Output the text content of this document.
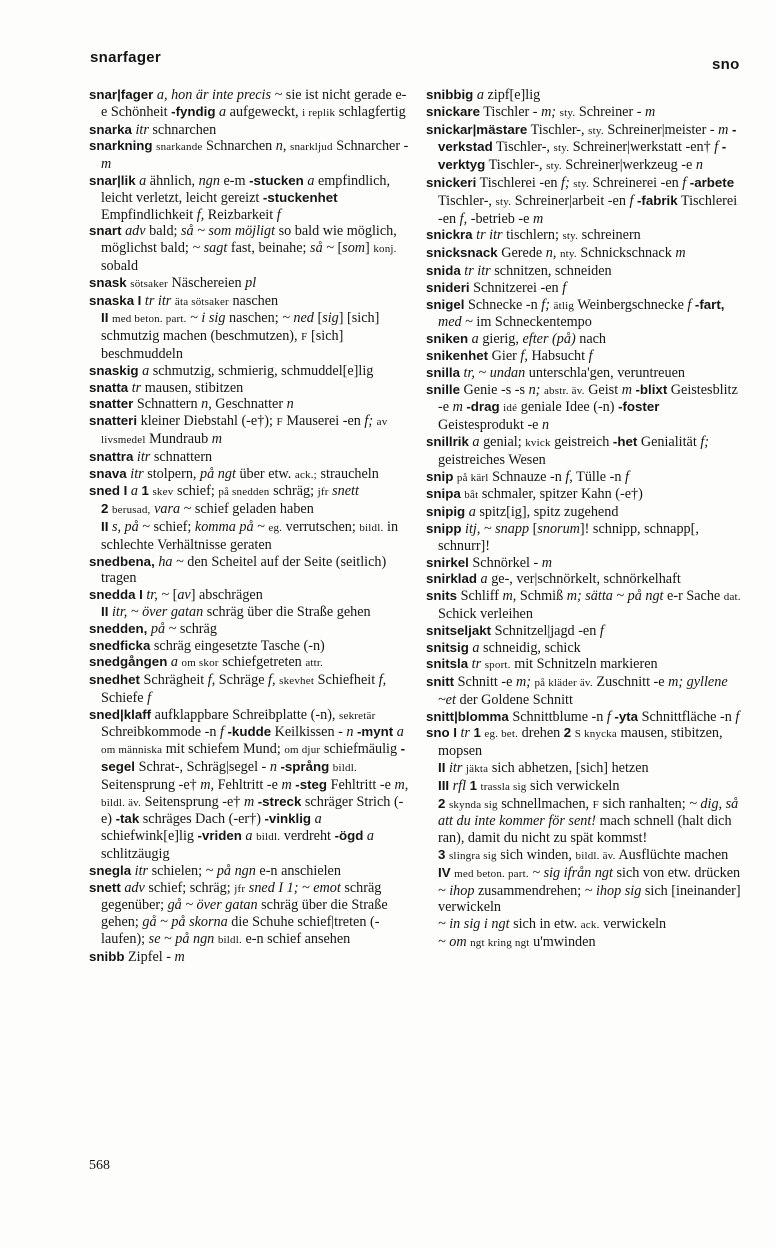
snarfager	sno

snar|fager a, hon är inte precis ~ sie ist nicht gerade e-e Schönheit -fyndig a aufgeweckt, i replik schlagfertig

snarka itr schnarchen

snarkning snarkande Schnarchen n, snarkljud Schnarcher - m

snar|lik a ähnlich, ngn e-m -stucken a empfindlich, leicht verletzt, leicht gereizt -stuckenhet Empfindlichkeit f, Reizbarkeit f

snart adv bald; så ~ som möjligt so bald wie möglich, möglichst bald; ~ sagt fast, beinahe; så ~ [som] konj. sobald

snask sötsaker Näschereien pl

snaska I tr itr äta sötsaker naschen

II med beton. part. ~ i sig naschen; ~ ned [sig] [sich] schmutzig machen (beschmutzen), F [sich] beschmuddeln

snaskig a schmutzig, schmierig, schmuddel[e]lig

snatta tr mausen, stibitzen

snatter Schnattern n, Geschnatter n

snatteri kleiner Diebstahl (-e†); F Mauserei -en f; av livsmedel Mundraub m

snattra itr schnattern

snava itr stolpern, på ngt über etw. ack.; straucheln

sned I a 1 skev schief; på snedden schräg; jfr snett

2 berusad, vara ~ schief geladen haben

II s, på ~ schief; komma på ~ eg. verrutschen; bildl. in schlechte Verhältnisse geraten

snedbena, ha ~ den Scheitel auf der Seite (seitlich) tragen

snedda I tr, ~ [av] abschrägen

II itr, ~ över gatan schräg über die Straße gehen

snedden, på ~ schräg

snedficka schräg eingesetzte Tasche (-n)

snedgången a om skor schiefgetreten attr.

snedhet Schrägheit f, Schräge f, skevhet Schiefheit f, Schiefe f

sned|klaff aufklappbare Schreibplatte (-n), sekretär Schreibkommode -n f -kudde Keilkissen - n -mynt a om människa mit schiefem Mund; om djur schiefmäulig -segel Schrat-, Schräg|segel - n -språng bildl. Seitensprung -e† m, Fehltritt -e m -steg Fehltritt -e m, bildl. äv. Seitensprung -e† m -streck schräger Strich (-e) -tak schräges Dach (-er†) -vinklig a schiefwink[e]lig -vriden a bildl. verdreht -ögd a schlitzäugig

snegla itr schielen; ~ på ngn e-n anschielen

snett adv schief; schräg; jfr sned I 1; ~ emot schräg gegenüber; gå ~ över gatan schräg über die Straße gehen; gå ~ på skorna die Schuhe schief|treten (-laufen); se ~ på ngn bildl. e-n schief ansehen

snibb Zipfel - m

snibbig a zipf[e]lig

snickare Tischler - m; sty. Schreiner - m

snickar|mästare Tischler-, sty. Schreiner|meister - m -verkstad Tischler-, sty. Schreiner|werkstatt -en† f -verktyg Tischler-, sty. Schreiner|werkzeug -e n

snickeri Tischlerei -en f; sty. Schreinerei -en f -arbete Tischler-, sty. Schreiner|arbeit -en f -fabrik Tischlerei -en f, -betrieb -e m

snickra tr itr tischlern; sty. schreinern

snicksnack Gerede n, nty. Schnickschnack m

snida tr itr schnitzen, schneiden

snideri Schnitzerei -en f

snigel Schnecke -n f; ätlig Weinbergschnecke f -fart, med ~ im Schneckentempo

sniken a gierig, efter (på) nach

snikenhet Gier f, Habsucht f

snilla tr, ~ undan unterschla'gen, veruntreuen

snille Genie -s -s n; abstr. äv. Geist m -blixt Geistesblitz -e m -drag idé geniale Idee (-n) -foster Geistesprodukt -e n

snillrik a genial; kvick geistreich -het Genialität f; geistreiches Wesen

snip på kärl Schnauze -n f, Tülle -n f

snipa båt schmaler, spitzer Kahn (-e†)

snipig a spitz[ig], spitz zugehend

snipp itj, ~ snapp [snorum]! schnipp, schnapp[, schnurr]!

snirkel Schnörkel - m

snirklad a ge-, ver|schnörkelt, schnörkelhaft

snits Schliff m, Schmiß m; sätta ~ på ngt e-r Sache dat. Schick verleihen

snitseljakt Schnitzel|jagd -en f

snitsig a schneidig, schick

snitsla tr sport. mit Schnitzeln markieren

snitt Schnitt -e m; på kläder äv. Zuschnitt -e m; gyllene ~et der Goldene Schnitt

snitt|blomma Schnittblume -n f -yta Schnittfläche -n f

sno I tr 1 eg. bet. drehen 2 S knycka mausen, stibitzen, mopsen

II itr jäkta sich abhetzen, [sich] hetzen

III rfl 1 trassla sig sich verwickeln

2 skynda sig schnellmachen, F sich ranhalten; ~ dig, så att du inte kommer för sent! mach schnell (halt dich ran), damit du nicht zu spät kommst!

3 slingra sig sich winden, bildl. äv. Ausflüchte machen

IV med beton. part. ~ sig ifrån ngt sich von etw. drücken

~ ihop zusammendrehen; ~ ihop sig sich [ineinander] verwickeln

~ in sig i ngt sich in etw. ack. verwickeln

~ om ngt kring ngt u'mwinden

568
